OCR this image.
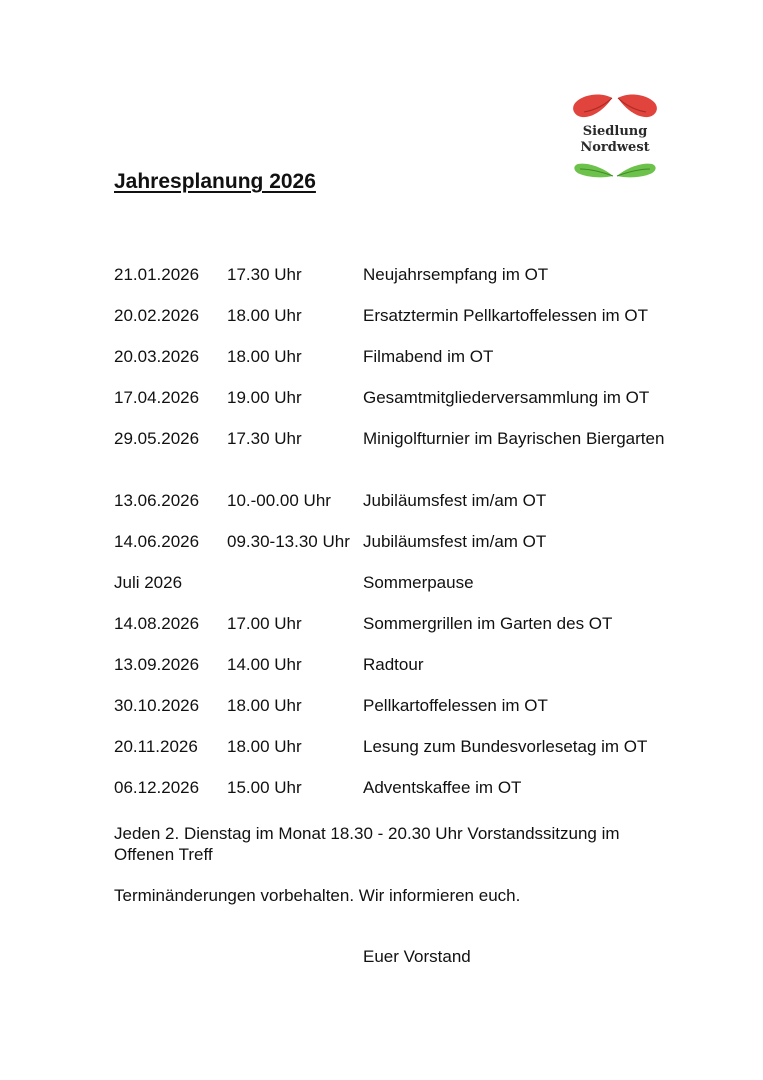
Siedlung
Nordwest
Jahresplanung 2026
21.01.2026 17.30 Uhr	Neujahrsempfang im OT
20.02.2026 18.00 Uhr	Ersatztermin Pellkartoffelessen im OT
20.03.2026 18.00 Uhr	Filmabend im OT
17.04.2026 19.00 Uhr	Gesamtmitgliederversammlung im OT
29.05.2026 17.30 Uhr	Minigolfturnier im Bayrischen Biergarten
13.06.2026 10.-00.00 Uhr Jubiläumsfest im/am OT
14.06.2026 09.30-13.30 Uhr Jubiläumsfest im/am OT
Juli 2026	Sommerpause
14.08.2026 17.00 Uhr	Sommergrillen im Garten des OT
13.09.2026 14.00 Uhr	Radtour
30.10.2026 18.00 Uhr	Pellkartoffelessen im OT
20.11.2026 18.00 Uhr	Lesung zum Bundesvorlesetag im OT
06.12.2026 15.00 Uhr	Adventskaffee im OT
Jeden 2. Dienstag im Monat 18.30 - 20.30 Uhr Vorstandssitzung im Offenen Treff
Terminänderungen vorbehalten. Wir informieren euch.
Euer Vorstand
